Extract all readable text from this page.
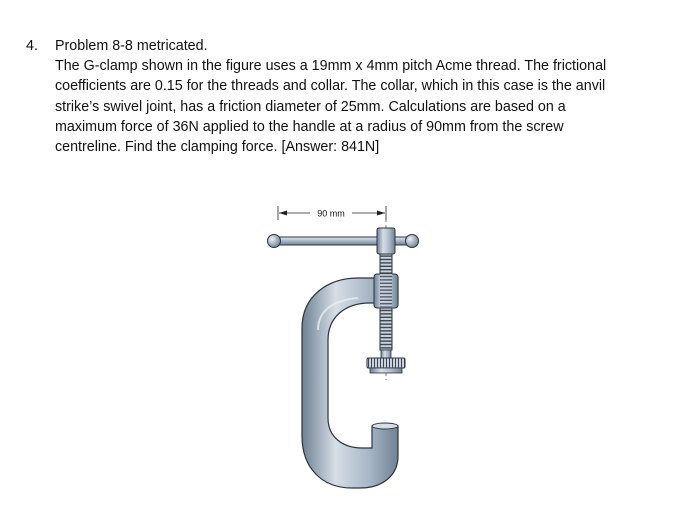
4. Problem 8-8 metricated.

The G-clamp shown in the figure uses a 19mm x 4mm pitch Acme thread. The frictional

coefficients are 0.15 for the threads and collar. The collar, which in this case is the anvil

strike’s swivel joint, has a friction diameter of 25mm. Calculations are based on a

maximum force of 36N applied to the handle at a radius of 90mm from the screw

centreline. Find the clamping force. [Answer: 841N]

90 mm
